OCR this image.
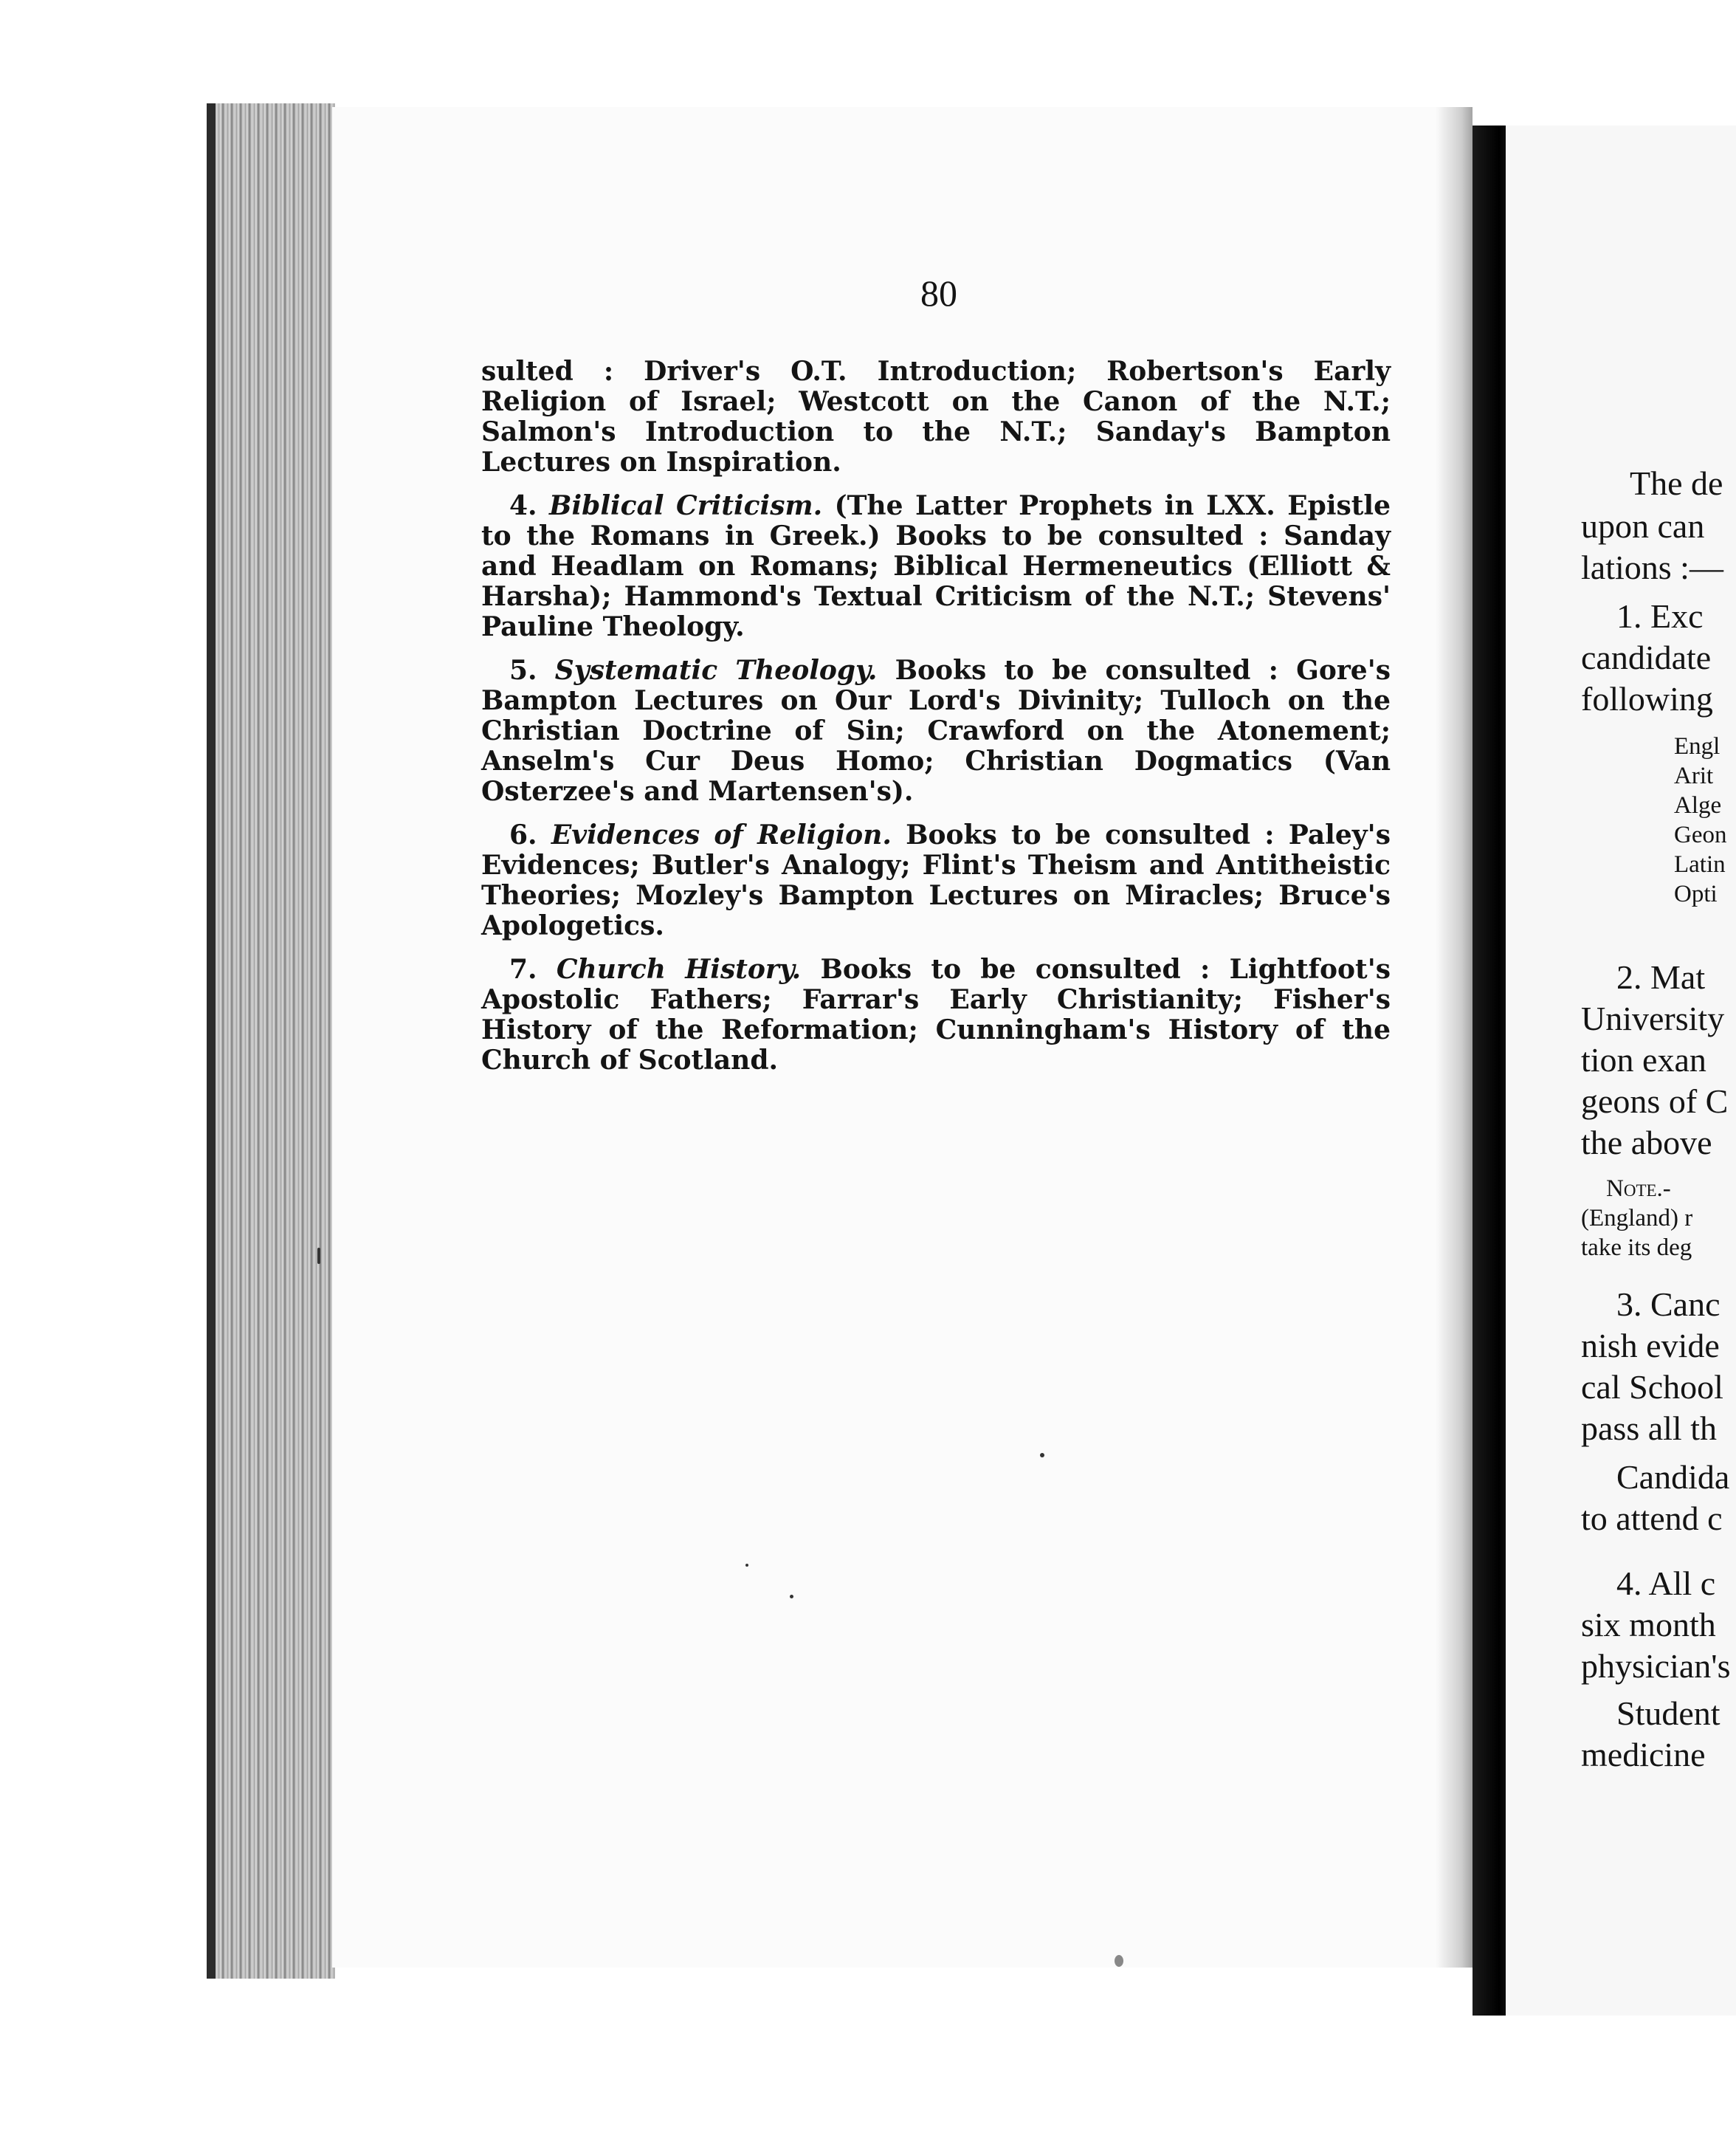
80

sulted : Driver's O.T. Introduction; Robertson's Early Religion of Israel; Westcott on the Canon of the N.T.; Salmon's Introduction to the N.T.; Sanday's Bampton Lectures on Inspiration.

4. Biblical Criticism. (The Latter Prophets in LXX. Epistle to the Romans in Greek.) Books to be consulted : Sanday and Headlam on Romans; Biblical Hermeneutics (Elliott & Harsha); Hammond's Textual Criticism of the N.T.; Stevens' Pauline Theology.

5. Systematic Theology. Books to be consulted : Gore's Bampton Lectures on Our Lord's Divinity; Tulloch on the Christian Doctrine of Sin; Crawford on the Atonement; Anselm's Cur Deus Homo; Christian Dogmatics (Van Osterzee's and Martensen's).

6. Evidences of Religion. Books to be consulted : Paley's Evidences; Butler's Analogy; Flint's Theism and Antitheistic Theories; Mozley's Bampton Lectures on Miracles; Bruce's Apologetics.

7. Church History. Books to be consulted : Lightfoot's Apostolic Fathers; Farrar's Early Christianity; Fisher's History of the Reformation; Cunningham's History of the Church of Scotland.

The de
upon can
lations :—
1. Exc
candidate
following
Engl
Arit
Alge
Geon
Latin
Opti
2. Mat
University
tion exan
geons of C
the above
Note.-
(England) r
take its deg
3. Canc
nish evide
cal School
pass all th
Candida
to attend c
4. All c
six month
physician's
Student
medicine
